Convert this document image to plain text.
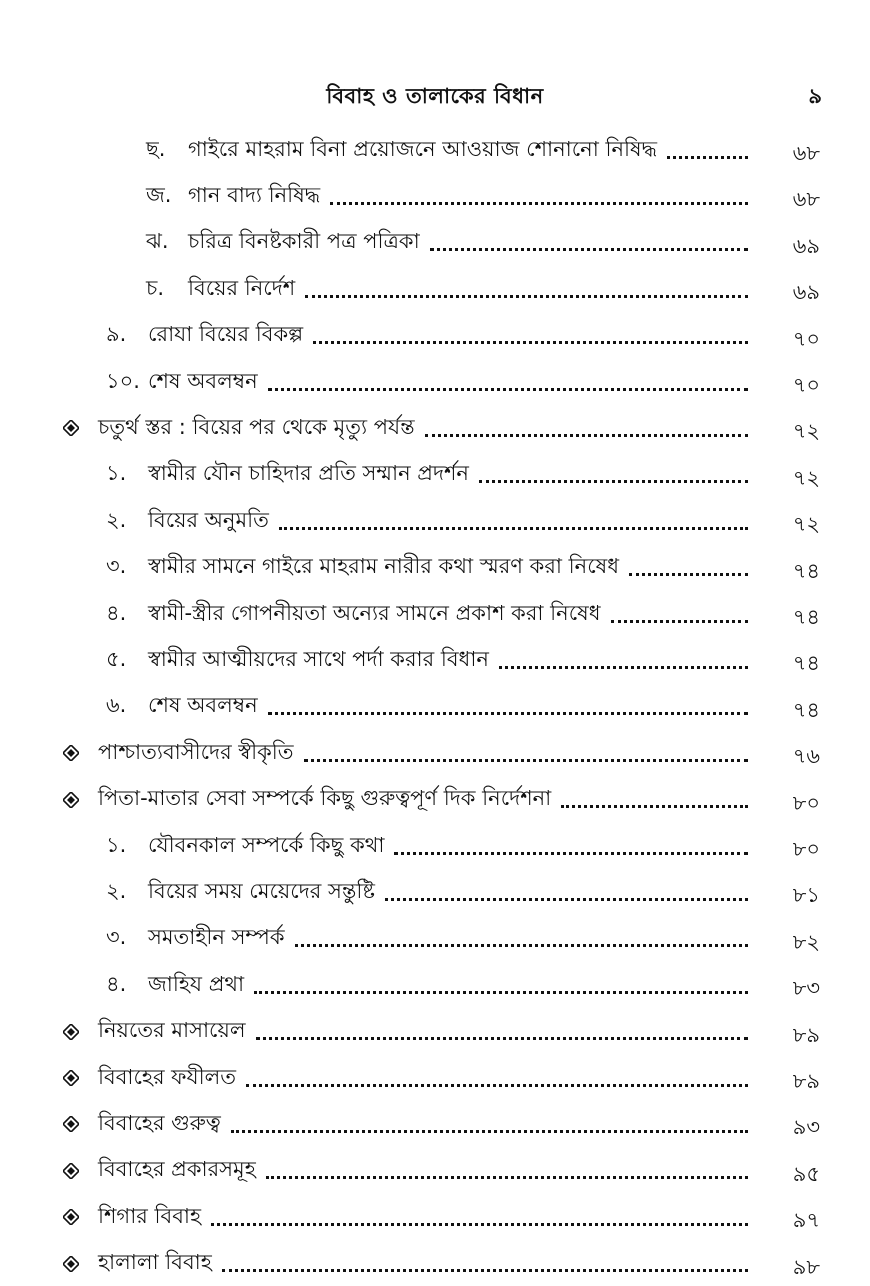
বিবাহ ও তালাকের বিধান	৯
ছ.	গাইরে মাহরাম বিনা প্রয়োজনে আওয়াজ শোনানো নিষিদ্ধ	৬৮
জ. গান বাদ্য নিষিদ্ধ	৬৮
ঝ. চরিত্র বিনষ্টকারী পত্র পত্রিকা	৬৯
চ.	বিয়ের নির্দেশ	৬৯
৯.	রোযা বিয়ের বিকল্প	৭০
১০. শেষ অবলম্বন	৭০
চতুর্থ স্তর : বিয়ের পর থেকে মৃত্যু পর্যন্ত	৭২
১.	স্বামীর যৌন চাহিদার প্রতি সম্মান প্রদর্শন	৭২
২.	বিয়ের অনুমতি	৭২
৩.	স্বামীর সামনে গাইরে মাহরাম নারীর কথা স্মরণ করা নিষেধ	৭৪
৪.	স্বামী-স্ত্রীর গোপনীয়তা অন্যের সামনে প্রকাশ করা নিষেধ	৭৪
৫.	স্বামীর আত্মীয়দের সাথে পর্দা করার বিধান	৭৪
৬.	শেষ অবলম্বন	৭৪
পাশ্চাত্যবাসীদের স্বীকৃতি	৭৬
পিতা-মাতার সেবা সম্পর্কে কিছু গুরুত্বপূর্ণ দিক নির্দেশনা	৮০
১.	যৌবনকাল সম্পর্কে কিছু কথা	৮০
২.	বিয়ের সময় মেয়েদের সন্তুষ্টি	৮১
৩.	সমতাহীন সম্পর্ক	৮২
৪.	জাহিয প্রথা	৮৩
নিয়তের মাসায়েল	৮৯
বিবাহের ফযীলত	৮৯
বিবাহের গুরুত্ব	৯৩
বিবাহের প্রকারসমূহ	৯৫
শিগার বিবাহ	৯৭
হালালা বিবাহ	৯৮
